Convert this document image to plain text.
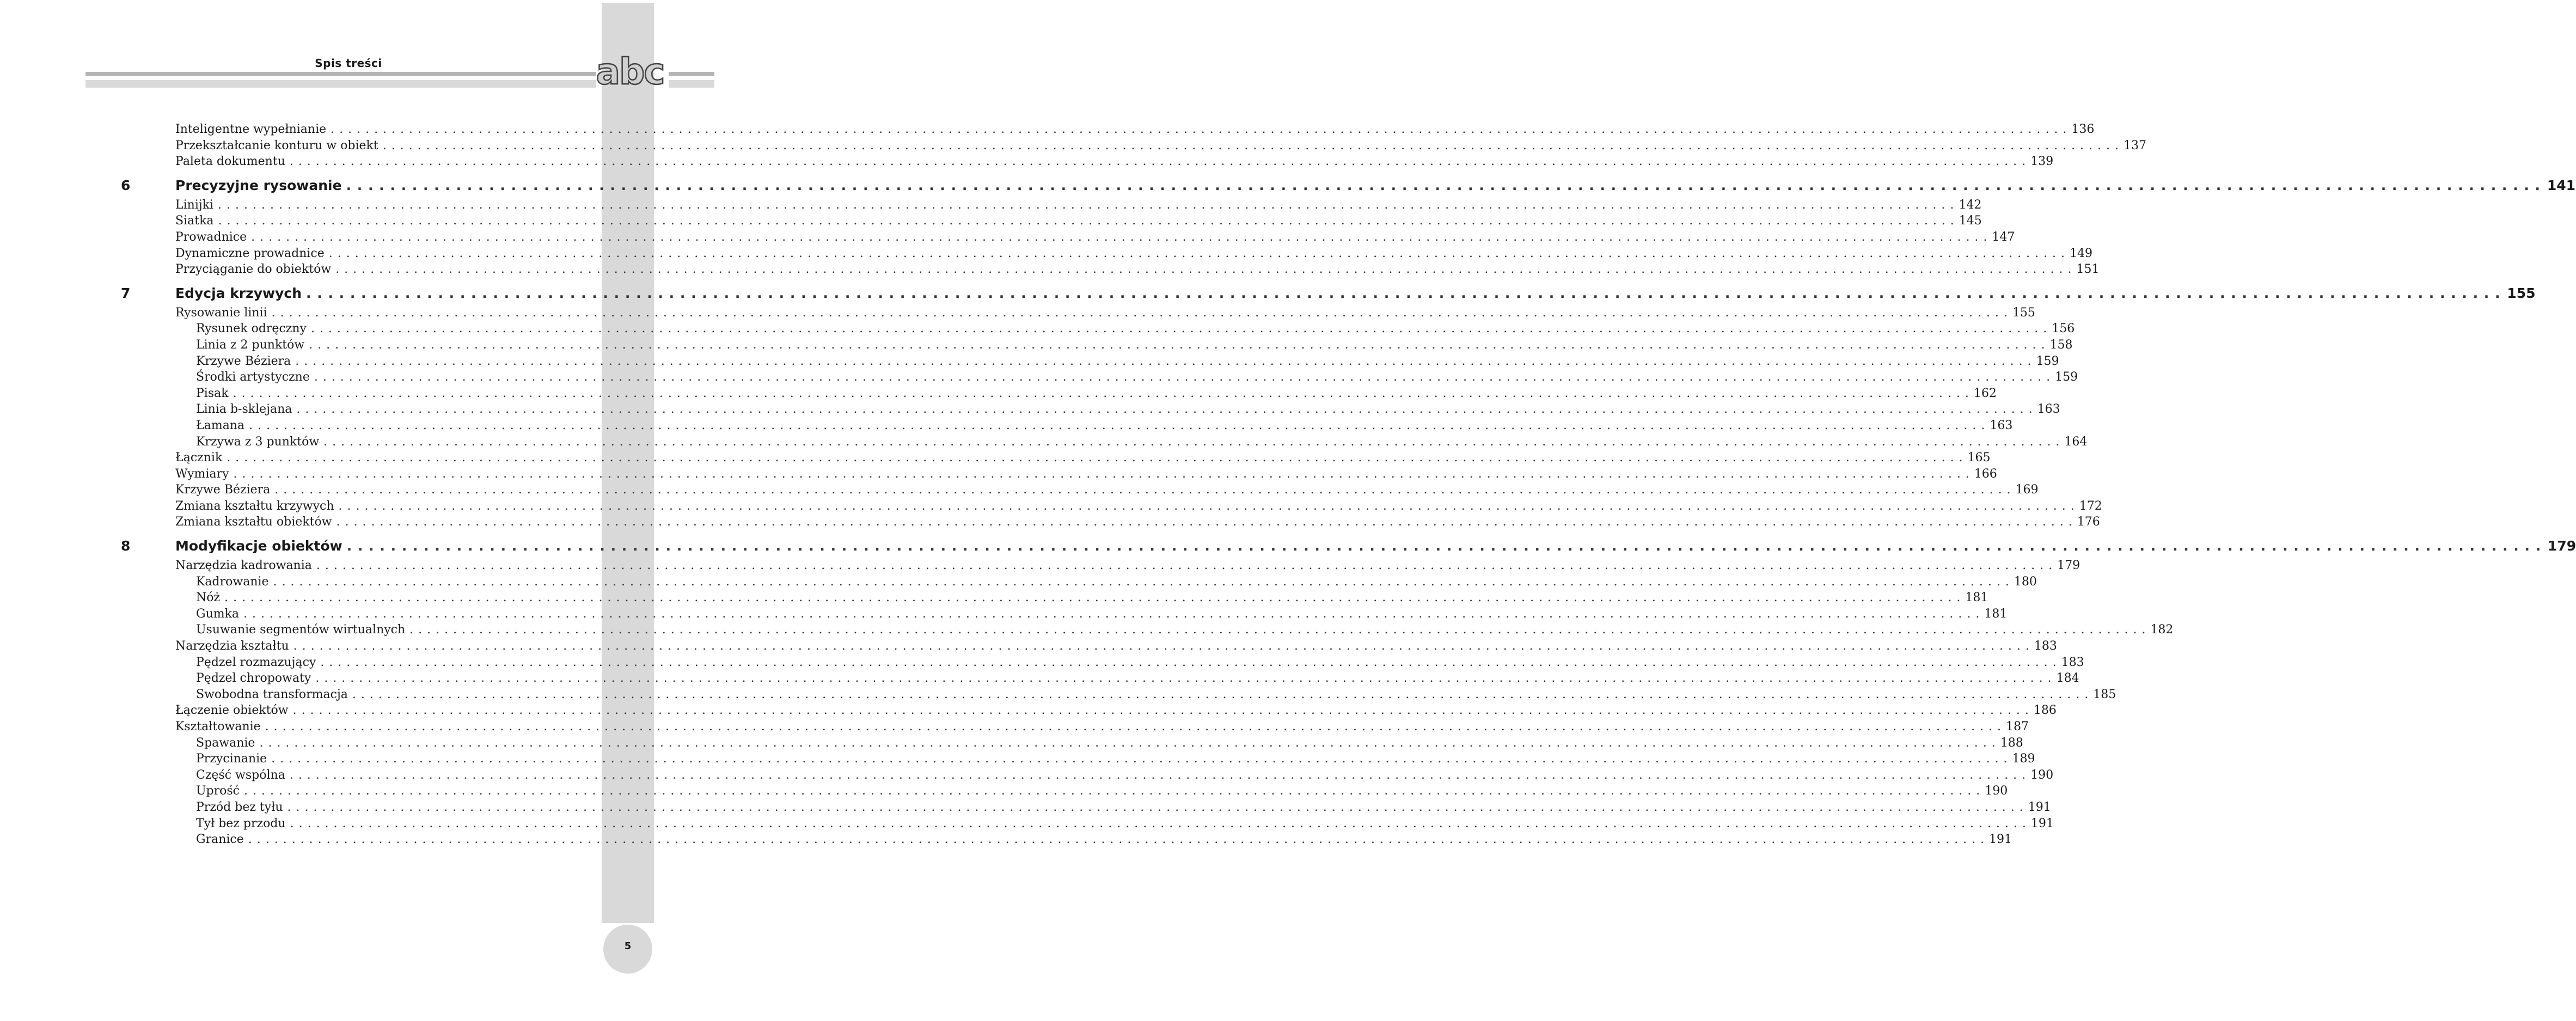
5
Spis treści	abc
Inteligentne wypełnianie . . . . . . . . . . . . . . . . . . . . . . . . . . . . . . . . . . . . . . . . . . . . . . . . . . . . . . . . . . . . . . . . . . . . . . . . . . . . . . . . . . . . . . . . . . . . . . . . . . . . . . . . . . . . . . . . . . . . . . . . . . . . . . . . . . . . . . . . . . . . . . . . . . . . . . . . . . . . . . . . . . . . . . . . . . . . . . . . . . . . . . . . . . . . . . . . . . . . . . . . 136
Przekształcanie konturu w obiekt . . . . . . . . . . . . . . . . . . . . . . . . . . . . . . . . . . . . . . . . . . . . . . . . . . . . . . . . . . . . . . . . . . . . . . . . . . . . . . . . . . . . . . . . . . . . . . . . . . . . . . . . . . . . . . . . . . . . . . . . . . . . . . . . . . . . . . . . . . . . . . . . . . . . . . . . . . . . . . . . . . . . . . . . . . . . . . . . . . . . . . . . . . . . . . . . . . . . . . . . 137
Paleta dokumentu . . . . . . . . . . . . . . . . . . . . . . . . . . . . . . . . . . . . . . . . . . . . . . . . . . . . . . . . . . . . . . . . . . . . . . . . . . . . . . . . . . . . . . . . . . . . . . . . . . . . . . . . . . . . . . . . . . . . . . . . . . . . . . . . . . . . . . . . . . . . . . . . . . . . . . . . . . . . . . . . . . . . . . . . . . . . . . . . . . . . . . . . . . . . . . . . . . . . . . . . 139
6	Precyzyjne rysowanie . . . . . . . . . . . . . . . . . . . . . . . . . . . . . . . . . . . . . . . . . . . . . . . . . . . . . . . . . . . . . . . . . . . . . . . . . . . . . . . . . . . . . . . . . . . . . . . . . . . . . . . . . . . . . . . . . . . . . . . . . . . . . . . . . . . . . . . . . . . . . . . . . . . . . . . . . . . . . . . . . . . . . . . . . . . . . . . . . . . . . . . . . . . . . . . . . . . . . . . . 141
Linijki . . . . . . . . . . . . . . . . . . . . . . . . . . . . . . . . . . . . . . . . . . . . . . . . . . . . . . . . . . . . . . . . . . . . . . . . . . . . . . . . . . . . . . . . . . . . . . . . . . . . . . . . . . . . . . . . . . . . . . . . . . . . . . . . . . . . . . . . . . . . . . . . . . . . . . . . . . . . . . . . . . . . . . . . . . . . . . . . . . . . . . . . . . . . . . . . . . . . . . . . 142
Siatka . . . . . . . . . . . . . . . . . . . . . . . . . . . . . . . . . . . . . . . . . . . . . . . . . . . . . . . . . . . . . . . . . . . . . . . . . . . . . . . . . . . . . . . . . . . . . . . . . . . . . . . . . . . . . . . . . . . . . . . . . . . . . . . . . . . . . . . . . . . . . . . . . . . . . . . . . . . . . . . . . . . . . . . . . . . . . . . . . . . . . . . . . . . . . . . . . . . . . . . . 145
Prowadnice . . . . . . . . . . . . . . . . . . . . . . . . . . . . . . . . . . . . . . . . . . . . . . . . . . . . . . . . . . . . . . . . . . . . . . . . . . . . . . . . . . . . . . . . . . . . . . . . . . . . . . . . . . . . . . . . . . . . . . . . . . . . . . . . . . . . . . . . . . . . . . . . . . . . . . . . . . . . . . . . . . . . . . . . . . . . . . . . . . . . . . . . . . . . . . . . . . . . . . . . 147
Dynamiczne prowadnice . . . . . . . . . . . . . . . . . . . . . . . . . . . . . . . . . . . . . . . . . . . . . . . . . . . . . . . . . . . . . . . . . . . . . . . . . . . . . . . . . . . . . . . . . . . . . . . . . . . . . . . . . . . . . . . . . . . . . . . . . . . . . . . . . . . . . . . . . . . . . . . . . . . . . . . . . . . . . . . . . . . . . . . . . . . . . . . . . . . . . . . . . . . . . . . . . . . . . . . . 149
Przyciąganie do obiektów . . . . . . . . . . . . . . . . . . . . . . . . . . . . . . . . . . . . . . . . . . . . . . . . . . . . . . . . . . . . . . . . . . . . . . . . . . . . . . . . . . . . . . . . . . . . . . . . . . . . . . . . . . . . . . . . . . . . . . . . . . . . . . . . . . . . . . . . . . . . . . . . . . . . . . . . . . . . . . . . . . . . . . . . . . . . . . . . . . . . . . . . . . . . . . . . . . . . . . . . 151
7	Edycja krzywych . . . . . . . . . . . . . . . . . . . . . . . . . . . . . . . . . . . . . . . . . . . . . . . . . . . . . . . . . . . . . . . . . . . . . . . . . . . . . . . . . . . . . . . . . . . . . . . . . . . . . . . . . . . . . . . . . . . . . . . . . . . . . . . . . . . . . . . . . . . . . . . . . . . . . . . . . . . . . . . . . . . . . . . . . . . . . . . . . . . . . . . . . . . . . . . . . . . . . . . . 155
Rysowanie linii . . . . . . . . . . . . . . . . . . . . . . . . . . . . . . . . . . . . . . . . . . . . . . . . . . . . . . . . . . . . . . . . . . . . . . . . . . . . . . . . . . . . . . . . . . . . . . . . . . . . . . . . . . . . . . . . . . . . . . . . . . . . . . . . . . . . . . . . . . . . . . . . . . . . . . . . . . . . . . . . . . . . . . . . . . . . . . . . . . . . . . . . . . . . . . . . . . . . . . . . 155
Rysunek odręczny . . . . . . . . . . . . . . . . . . . . . . . . . . . . . . . . . . . . . . . . . . . . . . . . . . . . . . . . . . . . . . . . . . . . . . . . . . . . . . . . . . . . . . . . . . . . . . . . . . . . . . . . . . . . . . . . . . . . . . . . . . . . . . . . . . . . . . . . . . . . . . . . . . . . . . . . . . . . . . . . . . . . . . . . . . . . . . . . . . . . . . . . . . . . . . . . . . . . . . . . 156
Linia z 2 punktów . . . . . . . . . . . . . . . . . . . . . . . . . . . . . . . . . . . . . . . . . . . . . . . . . . . . . . . . . . . . . . . . . . . . . . . . . . . . . . . . . . . . . . . . . . . . . . . . . . . . . . . . . . . . . . . . . . . . . . . . . . . . . . . . . . . . . . . . . . . . . . . . . . . . . . . . . . . . . . . . . . . . . . . . . . . . . . . . . . . . . . . . . . . . . . . . . . . . . . . . 158
Krzywe Béziera . . . . . . . . . . . . . . . . . . . . . . . . . . . . . . . . . . . . . . . . . . . . . . . . . . . . . . . . . . . . . . . . . . . . . . . . . . . . . . . . . . . . . . . . . . . . . . . . . . . . . . . . . . . . . . . . . . . . . . . . . . . . . . . . . . . . . . . . . . . . . . . . . . . . . . . . . . . . . . . . . . . . . . . . . . . . . . . . . . . . . . . . . . . . . . . . . . . . . . . . 159
Środki artystyczne . . . . . . . . . . . . . . . . . . . . . . . . . . . . . . . . . . . . . . . . . . . . . . . . . . . . . . . . . . . . . . . . . . . . . . . . . . . . . . . . . . . . . . . . . . . . . . . . . . . . . . . . . . . . . . . . . . . . . . . . . . . . . . . . . . . . . . . . . . . . . . . . . . . . . . . . . . . . . . . . . . . . . . . . . . . . . . . . . . . . . . . . . . . . . . . . . . . . . . . . 159
Pisak . . . . . . . . . . . . . . . . . . . . . . . . . . . . . . . . . . . . . . . . . . . . . . . . . . . . . . . . . . . . . . . . . . . . . . . . . . . . . . . . . . . . . . . . . . . . . . . . . . . . . . . . . . . . . . . . . . . . . . . . . . . . . . . . . . . . . . . . . . . . . . . . . . . . . . . . . . . . . . . . . . . . . . . . . . . . . . . . . . . . . . . . . . . . . . . . . . . . . . . . 162
Linia b-sklejana . . . . . . . . . . . . . . . . . . . . . . . . . . . . . . . . . . . . . . . . . . . . . . . . . . . . . . . . . . . . . . . . . . . . . . . . . . . . . . . . . . . . . . . . . . . . . . . . . . . . . . . . . . . . . . . . . . . . . . . . . . . . . . . . . . . . . . . . . . . . . . . . . . . . . . . . . . . . . . . . . . . . . . . . . . . . . . . . . . . . . . . . . . . . . . . . . . . . . . . . 163
Łamana . . . . . . . . . . . . . . . . . . . . . . . . . . . . . . . . . . . . . . . . . . . . . . . . . . . . . . . . . . . . . . . . . . . . . . . . . . . . . . . . . . . . . . . . . . . . . . . . . . . . . . . . . . . . . . . . . . . . . . . . . . . . . . . . . . . . . . . . . . . . . . . . . . . . . . . . . . . . . . . . . . . . . . . . . . . . . . . . . . . . . . . . . . . . . . . . . . . . . . . . 163
Krzywa z 3 punktów . . . . . . . . . . . . . . . . . . . . . . . . . . . . . . . . . . . . . . . . . . . . . . . . . . . . . . . . . . . . . . . . . . . . . . . . . . . . . . . . . . . . . . . . . . . . . . . . . . . . . . . . . . . . . . . . . . . . . . . . . . . . . . . . . . . . . . . . . . . . . . . . . . . . . . . . . . . . . . . . . . . . . . . . . . . . . . . . . . . . . . . . . . . . . . . . . . . . . . . . 164
Łącznik . . . . . . . . . . . . . . . . . . . . . . . . . . . . . . . . . . . . . . . . . . . . . . . . . . . . . . . . . . . . . . . . . . . . . . . . . . . . . . . . . . . . . . . . . . . . . . . . . . . . . . . . . . . . . . . . . . . . . . . . . . . . . . . . . . . . . . . . . . . . . . . . . . . . . . . . . . . . . . . . . . . . . . . . . . . . . . . . . . . . . . . . . . . . . . . . . . . . . . . . 165
Wymiary . . . . . . . . . . . . . . . . . . . . . . . . . . . . . . . . . . . . . . . . . . . . . . . . . . . . . . . . . . . . . . . . . . . . . . . . . . . . . . . . . . . . . . . . . . . . . . . . . . . . . . . . . . . . . . . . . . . . . . . . . . . . . . . . . . . . . . . . . . . . . . . . . . . . . . . . . . . . . . . . . . . . . . . . . . . . . . . . . . . . . . . . . . . . . . . . . . . . . . . . 166
Krzywe Béziera . . . . . . . . . . . . . . . . . . . . . . . . . . . . . . . . . . . . . . . . . . . . . . . . . . . . . . . . . . . . . . . . . . . . . . . . . . . . . . . . . . . . . . . . . . . . . . . . . . . . . . . . . . . . . . . . . . . . . . . . . . . . . . . . . . . . . . . . . . . . . . . . . . . . . . . . . . . . . . . . . . . . . . . . . . . . . . . . . . . . . . . . . . . . . . . . . . . . . . . . 169
Zmiana kształtu krzywych . . . . . . . . . . . . . . . . . . . . . . . . . . . . . . . . . . . . . . . . . . . . . . . . . . . . . . . . . . . . . . . . . . . . . . . . . . . . . . . . . . . . . . . . . . . . . . . . . . . . . . . . . . . . . . . . . . . . . . . . . . . . . . . . . . . . . . . . . . . . . . . . . . . . . . . . . . . . . . . . . . . . . . . . . . . . . . . . . . . . . . . . . . . . . . . . . . . . . . . . 172
Zmiana kształtu obiektów . . . . . . . . . . . . . . . . . . . . . . . . . . . . . . . . . . . . . . . . . . . . . . . . . . . . . . . . . . . . . . . . . . . . . . . . . . . . . . . . . . . . . . . . . . . . . . . . . . . . . . . . . . . . . . . . . . . . . . . . . . . . . . . . . . . . . . . . . . . . . . . . . . . . . . . . . . . . . . . . . . . . . . . . . . . . . . . . . . . . . . . . . . . . . . . . . . . . . . . . 176
8	Modyfikacje obiektów . . . . . . . . . . . . . . . . . . . . . . . . . . . . . . . . . . . . . . . . . . . . . . . . . . . . . . . . . . . . . . . . . . . . . . . . . . . . . . . . . . . . . . . . . . . . . . . . . . . . . . . . . . . . . . . . . . . . . . . . . . . . . . . . . . . . . . . . . . . . . . . . . . . . . . . . . . . . . . . . . . . . . . . . . . . . . . . . . . . . . . . . . . . . . . . . . . . . . . . . 179
Narzędzia kadrowania . . . . . . . . . . . . . . . . . . . . . . . . . . . . . . . . . . . . . . . . . . . . . . . . . . . . . . . . . . . . . . . . . . . . . . . . . . . . . . . . . . . . . . . . . . . . . . . . . . . . . . . . . . . . . . . . . . . . . . . . . . . . . . . . . . . . . . . . . . . . . . . . . . . . . . . . . . . . . . . . . . . . . . . . . . . . . . . . . . . . . . . . . . . . . . . . . . . . . . . . 179
Kadrowanie . . . . . . . . . . . . . . . . . . . . . . . . . . . . . . . . . . . . . . . . . . . . . . . . . . . . . . . . . . . . . . . . . . . . . . . . . . . . . . . . . . . . . . . . . . . . . . . . . . . . . . . . . . . . . . . . . . . . . . . . . . . . . . . . . . . . . . . . . . . . . . . . . . . . . . . . . . . . . . . . . . . . . . . . . . . . . . . . . . . . . . . . . . . . . . . . . . . . . . . . 180
Nóż . . . . . . . . . . . . . . . . . . . . . . . . . . . . . . . . . . . . . . . . . . . . . . . . . . . . . . . . . . . . . . . . . . . . . . . . . . . . . . . . . . . . . . . . . . . . . . . . . . . . . . . . . . . . . . . . . . . . . . . . . . . . . . . . . . . . . . . . . . . . . . . . . . . . . . . . . . . . . . . . . . . . . . . . . . . . . . . . . . . . . . . . . . . . . . . . . . . . . . . . 181
Gumka . . . . . . . . . . . . . . . . . . . . . . . . . . . . . . . . . . . . . . . . . . . . . . . . . . . . . . . . . . . . . . . . . . . . . . . . . . . . . . . . . . . . . . . . . . . . . . . . . . . . . . . . . . . . . . . . . . . . . . . . . . . . . . . . . . . . . . . . . . . . . . . . . . . . . . . . . . . . . . . . . . . . . . . . . . . . . . . . . . . . . . . . . . . . . . . . . . . . . . . . 181
Usuwanie segmentów wirtualnych . . . . . . . . . . . . . . . . . . . . . . . . . . . . . . . . . . . . . . . . . . . . . . . . . . . . . . . . . . . . . . . . . . . . . . . . . . . . . . . . . . . . . . . . . . . . . . . . . . . . . . . . . . . . . . . . . . . . . . . . . . . . . . . . . . . . . . . . . . . . . . . . . . . . . . . . . . . . . . . . . . . . . . . . . . . . . . . . . . . . . . . . . . . . . . . . . . . . . . . . 182
Narzędzia kształtu . . . . . . . . . . . . . . . . . . . . . . . . . . . . . . . . . . . . . . . . . . . . . . . . . . . . . . . . . . . . . . . . . . . . . . . . . . . . . . . . . . . . . . . . . . . . . . . . . . . . . . . . . . . . . . . . . . . . . . . . . . . . . . . . . . . . . . . . . . . . . . . . . . . . . . . . . . . . . . . . . . . . . . . . . . . . . . . . . . . . . . . . . . . . . . . . . . . . . . . . 183
Pędzel rozmazujący . . . . . . . . . . . . . . . . . . . . . . . . . . . . . . . . . . . . . . . . . . . . . . . . . . . . . . . . . . . . . . . . . . . . . . . . . . . . . . . . . . . . . . . . . . . . . . . . . . . . . . . . . . . . . . . . . . . . . . . . . . . . . . . . . . . . . . . . . . . . . . . . . . . . . . . . . . . . . . . . . . . . . . . . . . . . . . . . . . . . . . . . . . . . . . . . . . . . . . . . 183
Pędzel chropowaty . . . . . . . . . . . . . . . . . . . . . . . . . . . . . . . . . . . . . . . . . . . . . . . . . . . . . . . . . . . . . . . . . . . . . . . . . . . . . . . . . . . . . . . . . . . . . . . . . . . . . . . . . . . . . . . . . . . . . . . . . . . . . . . . . . . . . . . . . . . . . . . . . . . . . . . . . . . . . . . . . . . . . . . . . . . . . . . . . . . . . . . . . . . . . . . . . . . . . . . . 184
Swobodna transformacja . . . . . . . . . . . . . . . . . . . . . . . . . . . . . . . . . . . . . . . . . . . . . . . . . . . . . . . . . . . . . . . . . . . . . . . . . . . . . . . . . . . . . . . . . . . . . . . . . . . . . . . . . . . . . . . . . . . . . . . . . . . . . . . . . . . . . . . . . . . . . . . . . . . . . . . . . . . . . . . . . . . . . . . . . . . . . . . . . . . . . . . . . . . . . . . . . . . . . . . . 185
Łączenie obiektów . . . . . . . . . . . . . . . . . . . . . . . . . . . . . . . . . . . . . . . . . . . . . . . . . . . . . . . . . . . . . . . . . . . . . . . . . . . . . . . . . . . . . . . . . . . . . . . . . . . . . . . . . . . . . . . . . . . . . . . . . . . . . . . . . . . . . . . . . . . . . . . . . . . . . . . . . . . . . . . . . . . . . . . . . . . . . . . . . . . . . . . . . . . . . . . . . . . . . . . . 186
Kształtowanie . . . . . . . . . . . . . . . . . . . . . . . . . . . . . . . . . . . . . . . . . . . . . . . . . . . . . . . . . . . . . . . . . . . . . . . . . . . . . . . . . . . . . . . . . . . . . . . . . . . . . . . . . . . . . . . . . . . . . . . . . . . . . . . . . . . . . . . . . . . . . . . . . . . . . . . . . . . . . . . . . . . . . . . . . . . . . . . . . . . . . . . . . . . . . . . . . . . . . . . . 187
Spawanie . . . . . . . . . . . . . . . . . . . . . . . . . . . . . . . . . . . . . . . . . . . . . . . . . . . . . . . . . . . . . . . . . . . . . . . . . . . . . . . . . . . . . . . . . . . . . . . . . . . . . . . . . . . . . . . . . . . . . . . . . . . . . . . . . . . . . . . . . . . . . . . . . . . . . . . . . . . . . . . . . . . . . . . . . . . . . . . . . . . . . . . . . . . . . . . . . . . . . . . . 188
Przycinanie . . . . . . . . . . . . . . . . . . . . . . . . . . . . . . . . . . . . . . . . . . . . . . . . . . . . . . . . . . . . . . . . . . . . . . . . . . . . . . . . . . . . . . . . . . . . . . . . . . . . . . . . . . . . . . . . . . . . . . . . . . . . . . . . . . . . . . . . . . . . . . . . . . . . . . . . . . . . . . . . . . . . . . . . . . . . . . . . . . . . . . . . . . . . . . . . . . . . . . . . 189
Część wspólna . . . . . . . . . . . . . . . . . . . . . . . . . . . . . . . . . . . . . . . . . . . . . . . . . . . . . . . . . . . . . . . . . . . . . . . . . . . . . . . . . . . . . . . . . . . . . . . . . . . . . . . . . . . . . . . . . . . . . . . . . . . . . . . . . . . . . . . . . . . . . . . . . . . . . . . . . . . . . . . . . . . . . . . . . . . . . . . . . . . . . . . . . . . . . . . . . . . . . . . . 190
Uprość . . . . . . . . . . . . . . . . . . . . . . . . . . . . . . . . . . . . . . . . . . . . . . . . . . . . . . . . . . . . . . . . . . . . . . . . . . . . . . . . . . . . . . . . . . . . . . . . . . . . . . . . . . . . . . . . . . . . . . . . . . . . . . . . . . . . . . . . . . . . . . . . . . . . . . . . . . . . . . . . . . . . . . . . . . . . . . . . . . . . . . . . . . . . . . . . . . . . . . . . 190
Przód bez tyłu . . . . . . . . . . . . . . . . . . . . . . . . . . . . . . . . . . . . . . . . . . . . . . . . . . . . . . . . . . . . . . . . . . . . . . . . . . . . . . . . . . . . . . . . . . . . . . . . . . . . . . . . . . . . . . . . . . . . . . . . . . . . . . . . . . . . . . . . . . . . . . . . . . . . . . . . . . . . . . . . . . . . . . . . . . . . . . . . . . . . . . . . . . . . . . . . . . . . . . . . 191
Tył bez przodu . . . . . . . . . . . . . . . . . . . . . . . . . . . . . . . . . . . . . . . . . . . . . . . . . . . . . . . . . . . . . . . . . . . . . . . . . . . . . . . . . . . . . . . . . . . . . . . . . . . . . . . . . . . . . . . . . . . . . . . . . . . . . . . . . . . . . . . . . . . . . . . . . . . . . . . . . . . . . . . . . . . . . . . . . . . . . . . . . . . . . . . . . . . . . . . . . . . . . . . . 191
Granice . . . . . . . . . . . . . . . . . . . . . . . . . . . . . . . . . . . . . . . . . . . . . . . . . . . . . . . . . . . . . . . . . . . . . . . . . . . . . . . . . . . . . . . . . . . . . . . . . . . . . . . . . . . . . . . . . . . . . . . . . . . . . . . . . . . . . . . . . . . . . . . . . . . . . . . . . . . . . . . . . . . . . . . . . . . . . . . . . . . . . . . . . . . . . . . . . . . . . . . . 191
